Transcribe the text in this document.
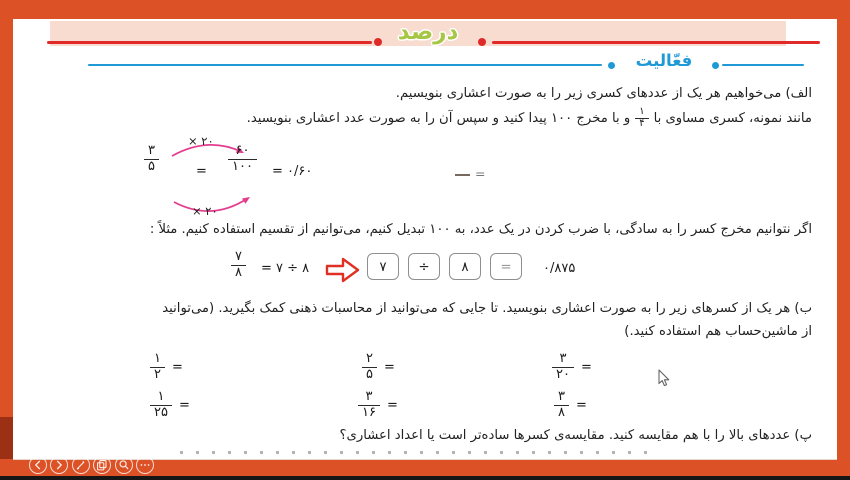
درصد
فعّالیت
الف) می‌خواهیم هر یک از عددهای کسری زیر را به صورت اعشاری بنویسیم.
مانند نمونه، کسری مساوی با
$\frac{۱}{۴}$
و با مخرج ۱۰۰ پیدا کنید و سپس آن را به صورت عدد اعشاری بنویسید.
۳
۵	=
۶۰
۱۰۰	= ۰/۶۰
× ۲۰
× ۲۰
=
اگر نتوانیم مخرج کسر را به سادگی، با ضرب کردن در یک عدد، به ۱۰۰ تبدیل کنیم، می‌توانیم از تقسیم استفاده کنیم. مثلاً :
۷
۸	= ۷ ÷ ۸	۷	÷	۸	=	۰/۸۷۵
ب) هر یک از کسرهای زیر را به صورت اعشاری بنویسید. تا جایی که می‌توانید از محاسبات ذهنی کمک بگیرید. (می‌توانید
از ماشین‌حساب هم استفاده کنید.)
$\frac{۱}{۲}$ =	$\frac{۲}{۵}$ =	$\frac{۳}{۲۰}$ =
$\frac{۱}{۲۵}$ =	$\frac{۳}{۱۶}$ =	$\frac{۳}{۸}$ =
پ) عددهای بالا را با هم مقایسه کنید. مقایسه‌ی کسرها ساده‌تر است یا اعداد اعشاری؟
